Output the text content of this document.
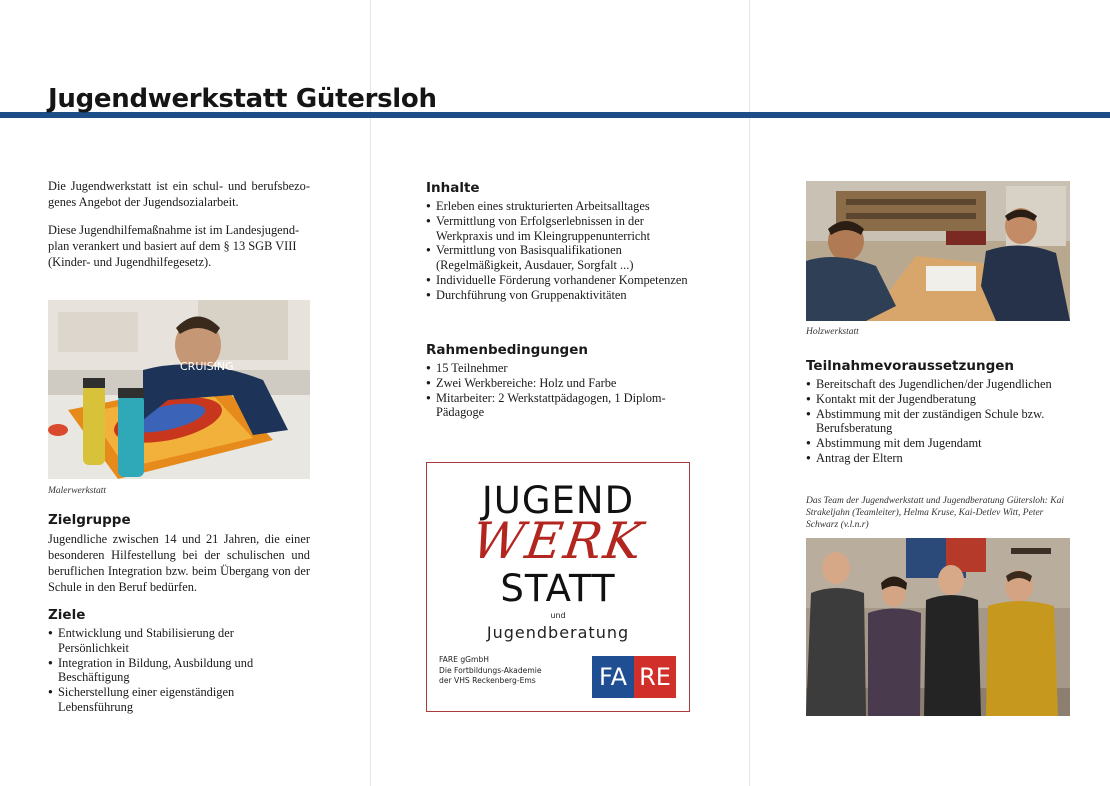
Jugendwerkstatt Gütersloh

Die Jugendwerkstatt ist ein schul- und berufsbezo-genes Angebot der Jugendsozialarbeit.

Diese Jugendhilfemaßnahme ist im Landesjugend-plan verankert und basiert auf dem § 13 SGB VIII (Kinder- und Jugendhilfegesetz).

CRUISING
Malerwerkstatt
Zielgruppe

Jugendliche zwischen 14 und 21 Jahren, die einer besonderen Hilfestellung bei der schulischen und beruflichen Integration bzw. beim Übergang von der Schule in den Beruf bedürfen.

Ziele
● Entwicklung und Stabilisierung der Persönlichkeit
● Integration in Bildung, Ausbildung und Beschäftigung
● Sicherstellung einer eigenständigen Lebensführung
Inhalte
● Erleben eines strukturierten Arbeitsalltages
● Vermittlung von Erfolgserlebnissen in der Werkpraxis und im Kleingruppenunterricht
● Vermittlung von Basisqualifikationen (Regelmäßigkeit, Ausdauer, Sorgfalt ...)
● Individuelle Förderung vorhandener Kompetenzen
● Durchführung von Gruppenaktivitäten
Rahmenbedingungen
● 15 Teilnehmer
● Zwei Werkbereiche: Holz und Farbe
● Mitarbeiter: 2 Werkstattpädagogen, 1 Diplom-Pädagoge
JUGEND
WERK
STATT
und
Jugendberatung
FARE gGmbH
Die Fortbildungs-Akademie
der VHS Reckenberg-Ems	FA RE
Holzwerkstatt
Teilnahmevoraussetzungen
● Bereitschaft des Jugendlichen/der Jugendlichen
● Kontakt mit der Jugendberatung
● Abstimmung mit der zuständigen Schule bzw. Berufsberatung
● Abstimmung mit dem Jugendamt
● Antrag der Eltern
Das Team der Jugendwerkstatt und Jugendberatung Gütersloh: Kai Strakeljahn (Teamleiter), Helma Kruse, Kai-Detlev Witt, Peter Schwarz (v.l.n.r)
